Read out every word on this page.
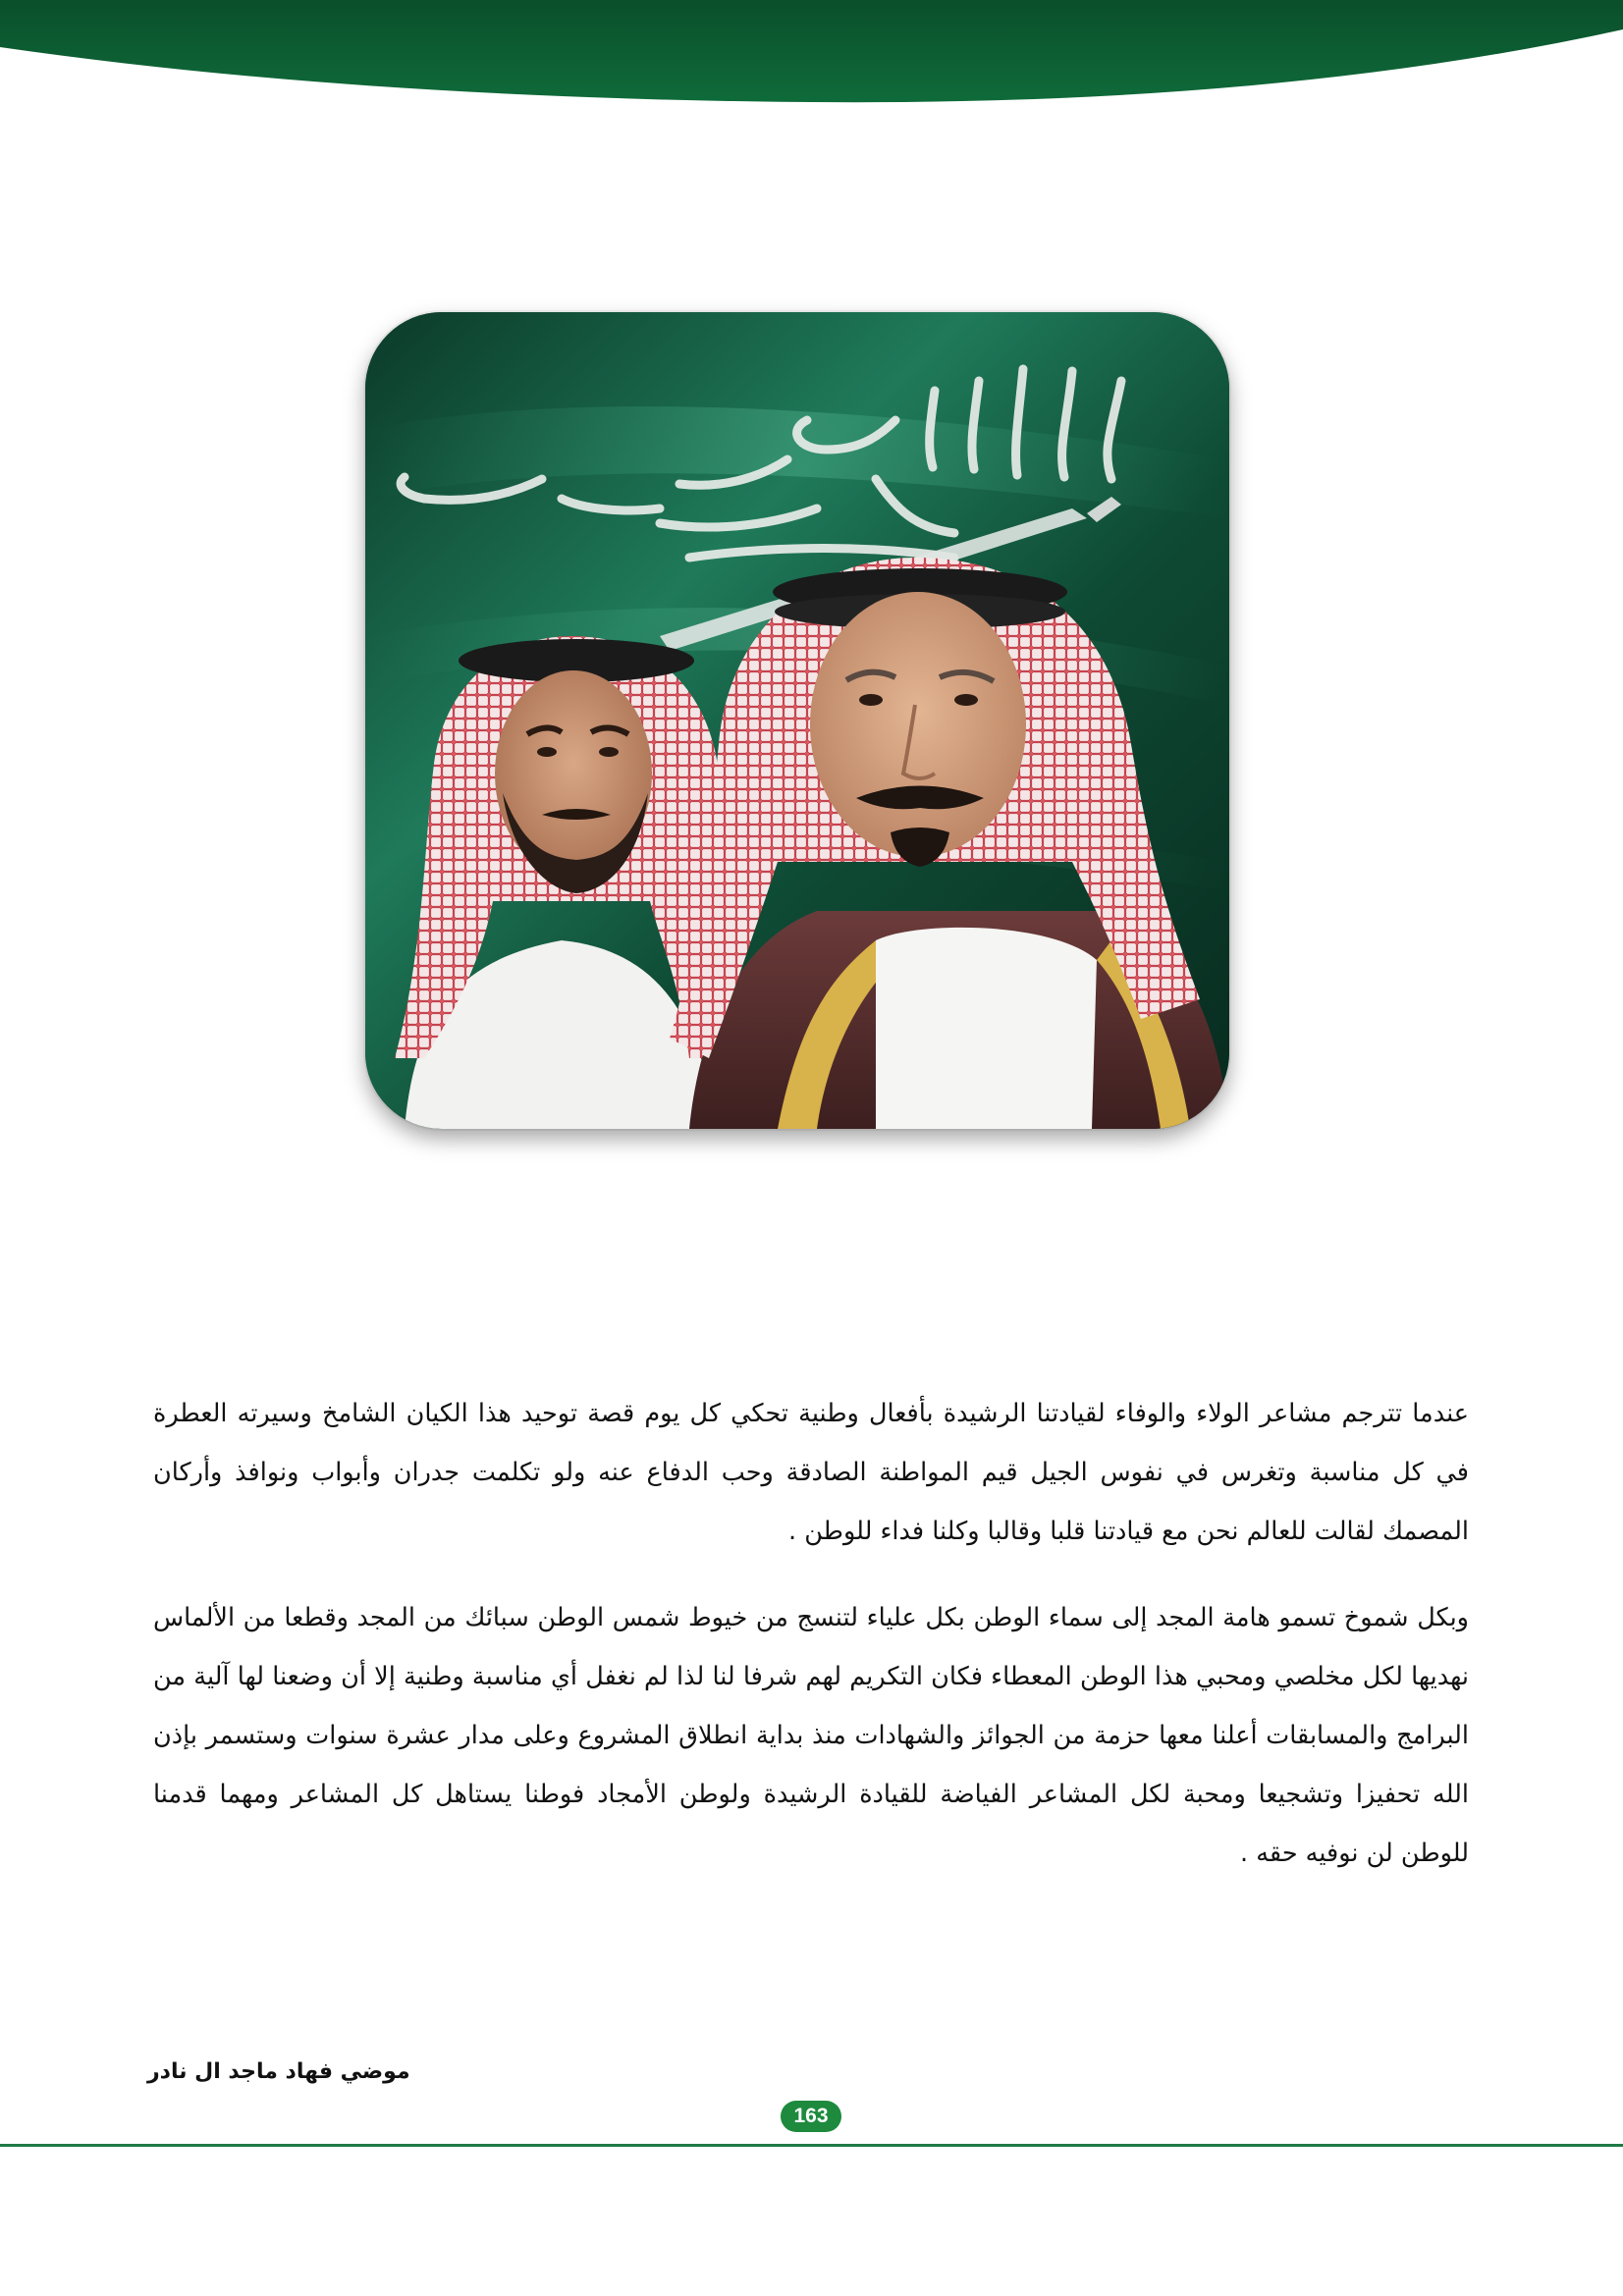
عندما تترجم مشاعر الولاء والوفاء لقيادتنا الرشيدة بأفعال وطنية تحكي كل يوم قصة توحيد هذا الكيان الشامخ وسيرته العطرة في كل مناسبة وتغرس في نفوس الجيل قيم المواطنة الصادقة وحب الدفاع عنه ولو تكلمت جدران وأبواب ونوافذ وأركان المصمك لقالت للعالم نحن مع قيادتنا قلبا وقالبا وكلنا فداء للوطن .

وبكل شموخ تسمو هامة المجد إلى سماء الوطن بكل علياء لتنسج من خيوط شمس الوطن سبائك من المجد وقطعا من الألماس نهديها لكل مخلصي ومحبي هذا الوطن المعطاء فكان التكريم لهم شرفا لنا لذا لم نغفل أي مناسبة وطنية إلا أن وضعنا لها آلية من البرامج والمسابقات أعلنا معها حزمة من الجوائز والشهادات منذ بداية انطلاق المشروع وعلى مدار عشرة سنوات وستسمر بإذن الله تحفيزا وتشجيعا ومحبة لكل المشاعر الفياضة للقيادة الرشيدة ولوطن الأمجاد فوطنا يستاهل كل المشاعر ومهما قدمنا للوطن لن نوفيه حقه .

موضي فهاد ماجد ال نادر
163
